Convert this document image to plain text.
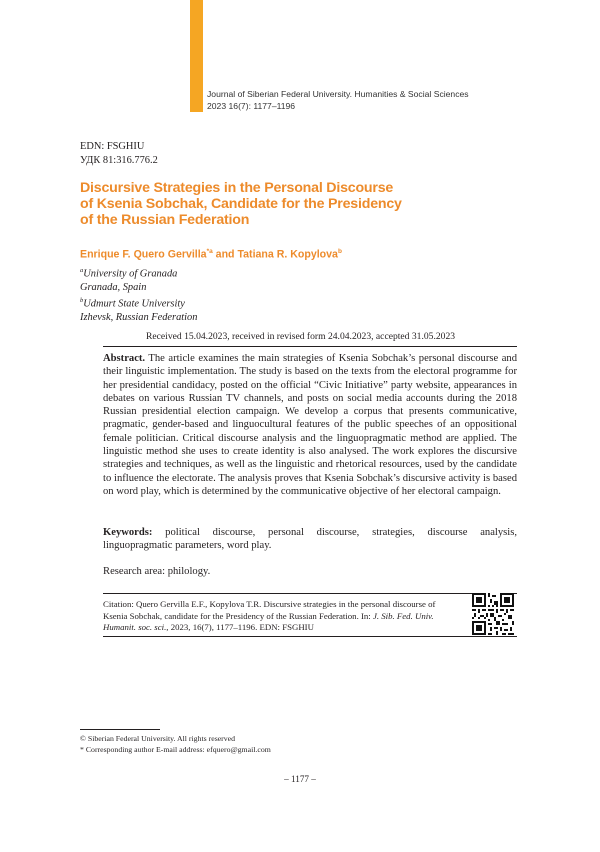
Journal of Siberian Federal University. Humanities & Social Sciences
2023 16(7): 1177–1196
EDN: FSGHIU
УДК 81:316.776.2
Discursive Strategies in the Personal Discourse
of Ksenia Sobchak, Candidate for the Presidency
of the Russian Federation
Enrique F. Quero Gervilla$^{*a}$ and Tatiana R. Kopylova$^b$
$^a$University of Granada
Granada, Spain
$^b$Udmurt State University
Izhevsk, Russian Federation
Received 15.04.2023, received in revised form 24.04.2023, accepted 31.05.2023
Abstract. The article examines the main strategies of Ksenia Sobchak’s personal discourse and their linguistic implementation. The study is based on the texts from the electoral programme for her presidential candidacy, posted on the official “Civic Initiative” party website, appearances in debates on various Russian TV channels, and posts on social media accounts during the 2018 Russian presidential election campaign. We develop a corpus that presents communicative, pragmatic, gender-based and linguocultural features of the public speeches of an oppositional female politician. Critical discourse analysis and the linguopragmatic method are applied. The linguistic method she uses to create identity is also analysed. The work explores the discursive strategies and techniques, as well as the linguistic and rhetorical resources, used by the candidate to influence the electorate. The analysis proves that Ksenia Sobchak’s discursive activity is based on word play, which is determined by the communicative objective of her electoral campaign.
Keywords: political discourse, personal discourse, strategies, discourse analysis, linguopragmatic parameters, word play.
Research area: philology.
Citation: Quero Gervilla E.F., Kopylova T.R. Discursive strategies in the personal discourse of Ksenia Sobchak, candidate for the Presidency of the Russian Federation. In: J. Sib. Fed. Univ. Humanit. soc. sci., 2023, 16(7), 1177–1196. EDN: FSGHIU
© Siberian Federal University. All rights reserved
* Corresponding author E-mail address: efquero@gmail.com
– 1177 –
